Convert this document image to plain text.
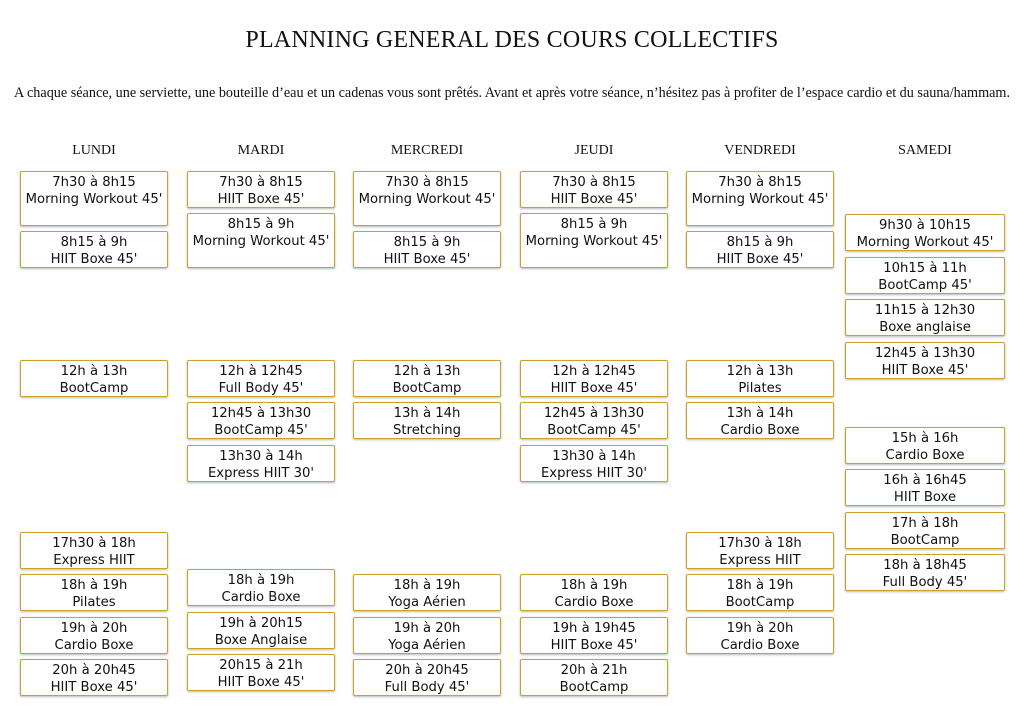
PLANNING GENERAL DES COURS COLLECTIFS
A chaque séance, une serviette, une bouteille d’eau et un cadenas vous sont prêtés. Avant et après votre séance, n’hésitez pas à profiter de l’espace cardio et du sauna/hammam.
LUNDI
7h30 à 8h15
Morning Workout 45'
8h15 à 9h
HIIT Boxe 45'
12h à 13h
BootCamp
17h30 à 18h
Express HIIT
18h à 19h
Pilates
19h à 20h
Cardio Boxe
20h à 20h45
HIIT Boxe 45'
MARDI
7h30 à 8h15
HIIT Boxe 45'
8h15 à 9h
Morning Workout 45'
12h à 12h45
Full Body 45'
12h45 à 13h30
BootCamp 45'
13h30 à 14h
Express HIIT 30'
18h à 19h
Cardio Boxe
19h à 20h15
Boxe Anglaise
20h15 à 21h
HIIT Boxe 45'
MERCREDI
7h30 à 8h15
Morning Workout 45'
8h15 à 9h
HIIT Boxe 45'
12h à 13h
BootCamp
13h à 14h
Stretching
18h à 19h
Yoga Aérien
19h à 20h
Yoga Aérien
20h à 20h45
Full Body 45'
JEUDI
7h30 à 8h15
HIIT Boxe 45'
8h15 à 9h
Morning Workout 45'
12h à 12h45
HIIT Boxe 45'
12h45 à 13h30
BootCamp 45'
13h30 à 14h
Express HIIT 30'
18h à 19h
Cardio Boxe
19h à 19h45
HIIT Boxe 45'
20h à 21h
BootCamp
VENDREDI
7h30 à 8h15
Morning Workout 45'
8h15 à 9h
HIIT Boxe 45'
12h à 13h
Pilates
13h à 14h
Cardio Boxe
17h30 à 18h
Express HIIT
18h à 19h
BootCamp
19h à 20h
Cardio Boxe
SAMEDI
9h30 à 10h15
Morning Workout 45'
10h15 à 11h
BootCamp 45'
11h15 à 12h30
Boxe anglaise
12h45 à 13h30
HIIT Boxe 45'
15h à 16h
Cardio Boxe
16h à 16h45
HIIT Boxe
17h à 18h
BootCamp
18h à 18h45
Full Body 45'
